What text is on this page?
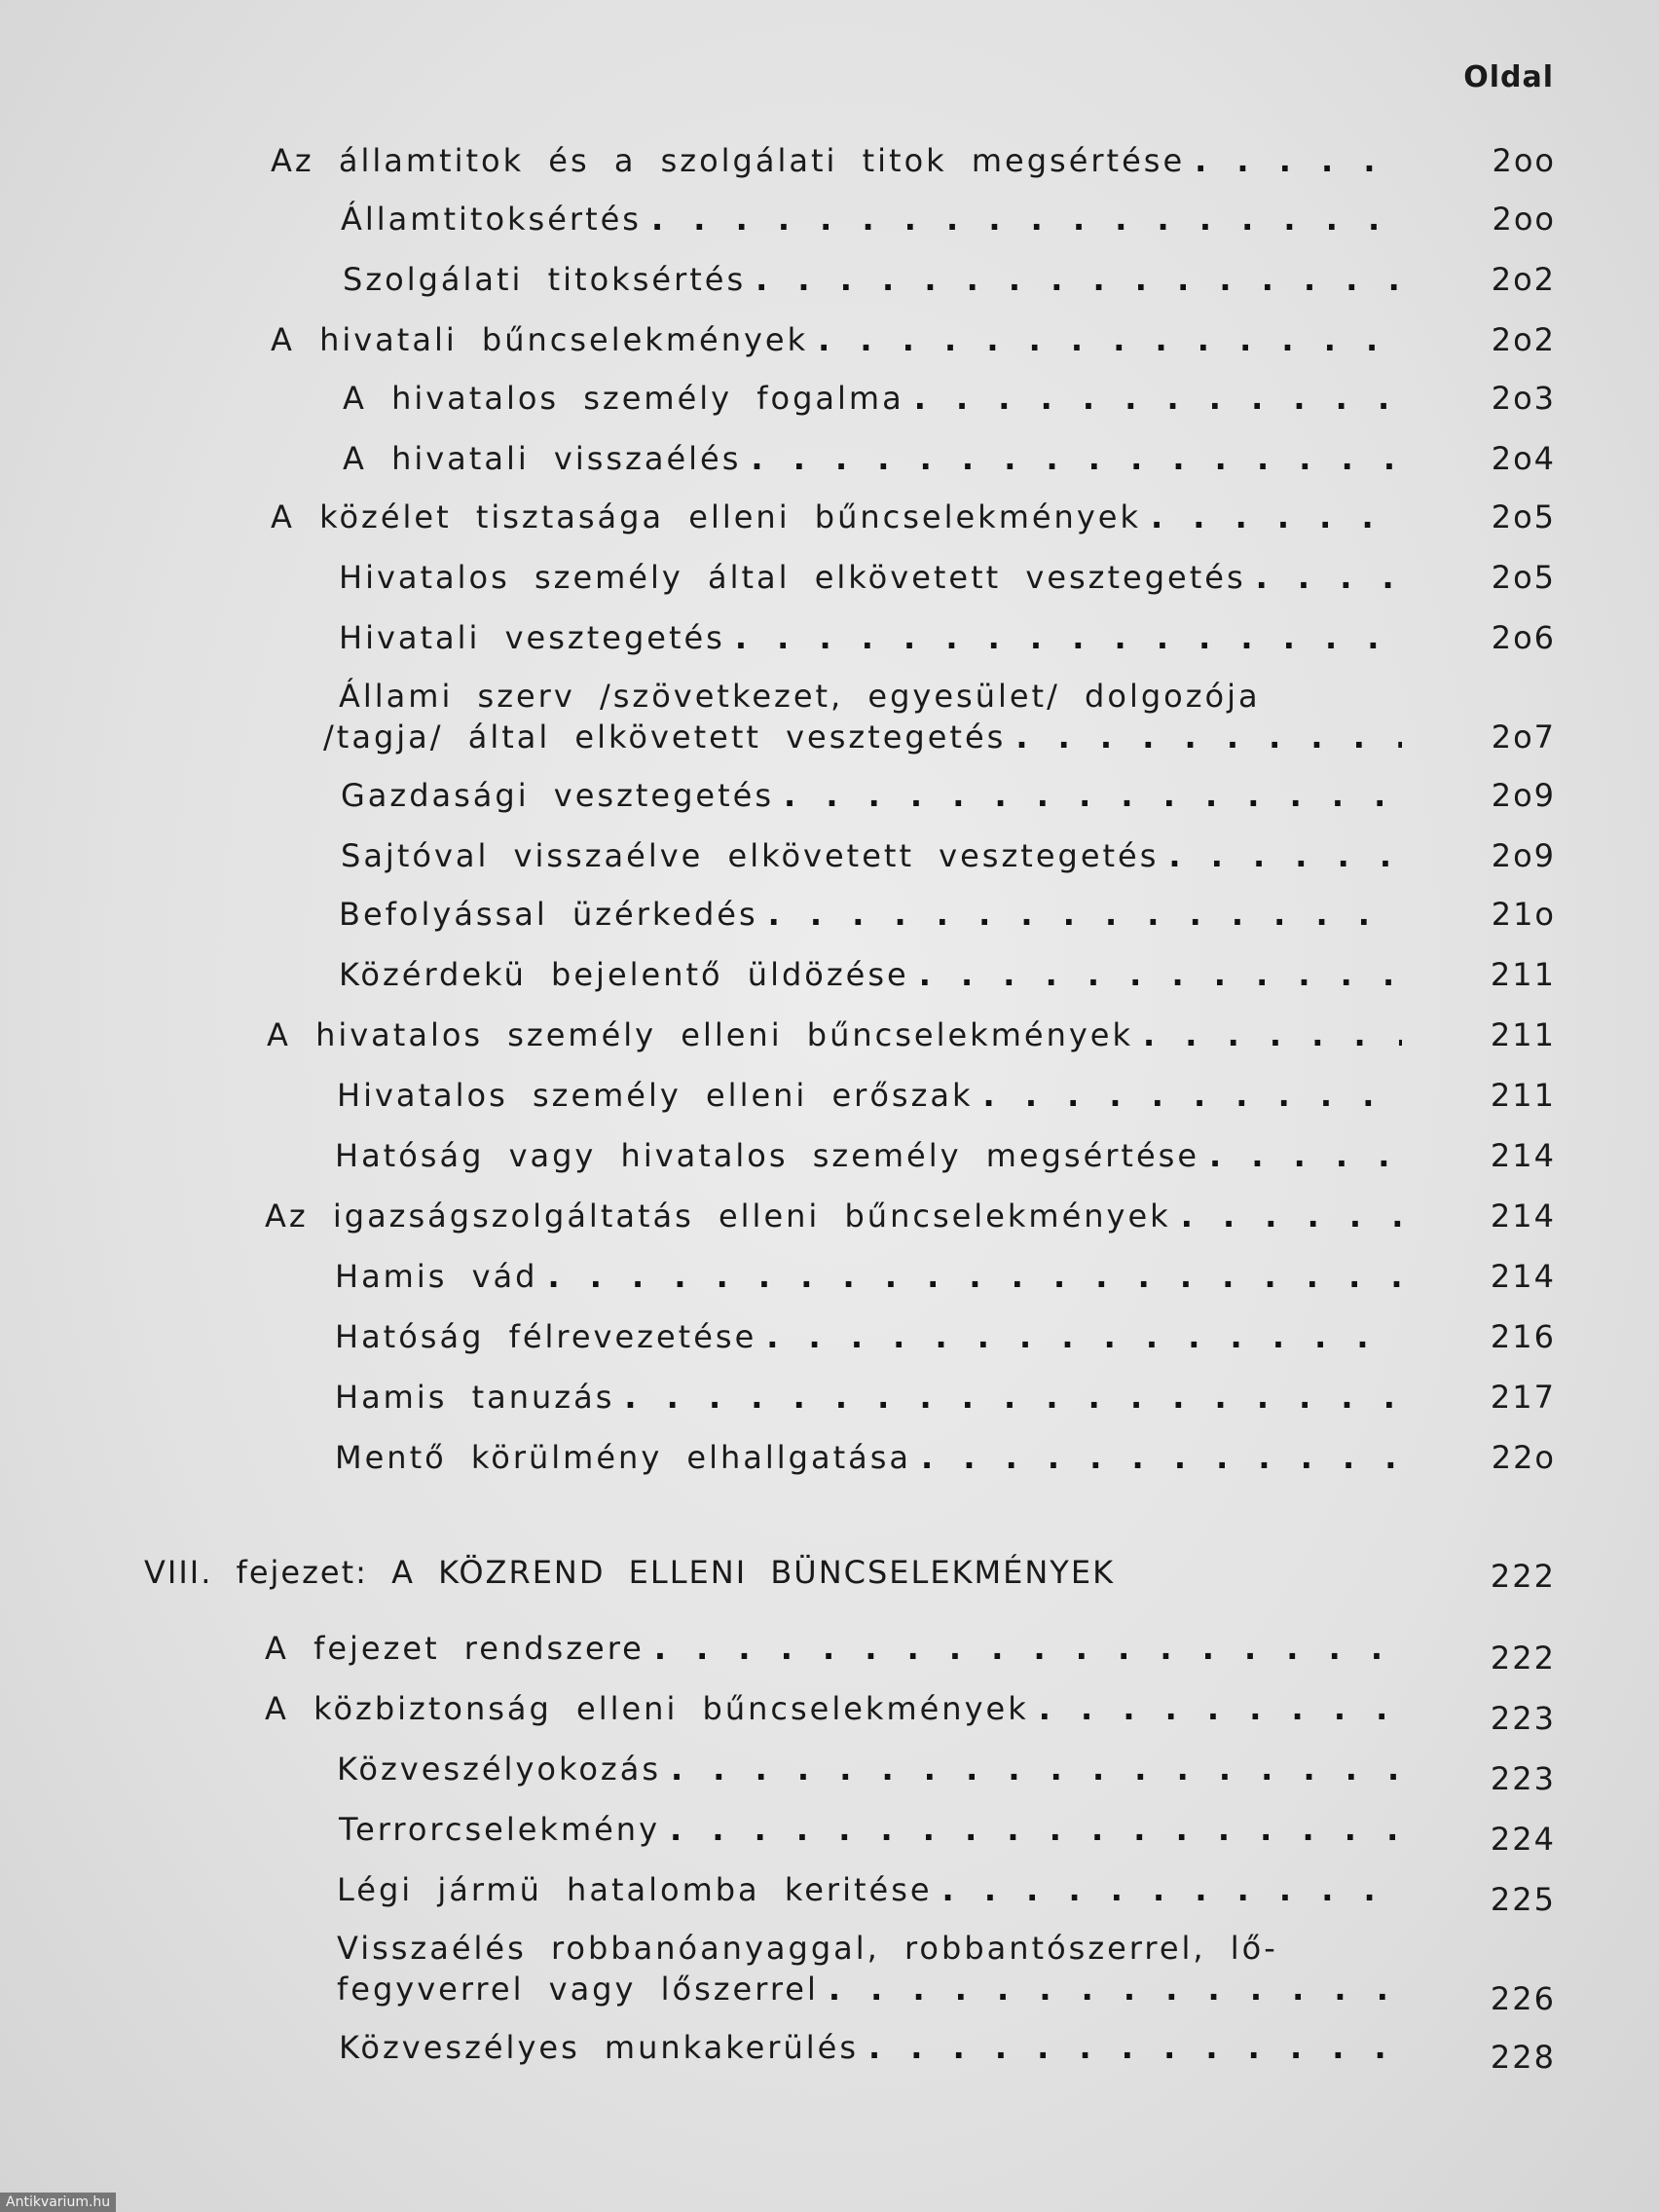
Oldal
Az államtitok és a szolgálati titok megsértése . . .	2oo
Államtitoksértés . . .	2oo
Szolgálati titoksértés . . .	2o2
A hivatali bűncselekmények . . .	2o2
A hivatalos személy fogalma . . .	2o3
A hivatali visszaélés . . .	2o4
A közélet tisztasága elleni bűncselekmények . . .	2o5
Hivatalos személy által elkövetett vesztegetés . . .	2o5
Hivatali vesztegetés . . .	2o6
Állami szerv /szövetkezet, egyesület/ dolgozója
/tagja/ által elkövetett vesztegetés . . .	2o7
Gazdasági vesztegetés . . .	2o9
Sajtóval visszaélve elkövetett vesztegetés . . .	2o9
Befolyással üzérkedés . . .	21o
Közérdekü bejelentő üldözése . . .	211
A hivatalos személy elleni bűncselekmények . . .	211
Hivatalos személy elleni erőszak . . .	211
Hatóság vagy hivatalos személy megsértése . . .	214
Az igazságszolgáltatás elleni bűncselekmények . . .	214
Hamis vád . . .	214
Hatóság félrevezetése . . .	216
Hamis tanuzás . . .	217
Mentő körülmény elhallgatása . . .	22o
VIII. fejezet: A KÖZREND ELLENI BÜNCSELEKMÉNYEK	222
A fejezet rendszere . . .	222
A közbiztonság elleni bűncselekmények . . .	223
Közveszélyokozás . . .	223
Terrorcselekmény . . .	224
Légi jármü hatalomba keritése . . .	225
Visszaélés robbanóanyaggal, robbantószerrel, lő-
fegyverrel vagy lőszerrel . . .	226
Közveszélyes munkakerülés . . .	228
Antikvarium.hu
